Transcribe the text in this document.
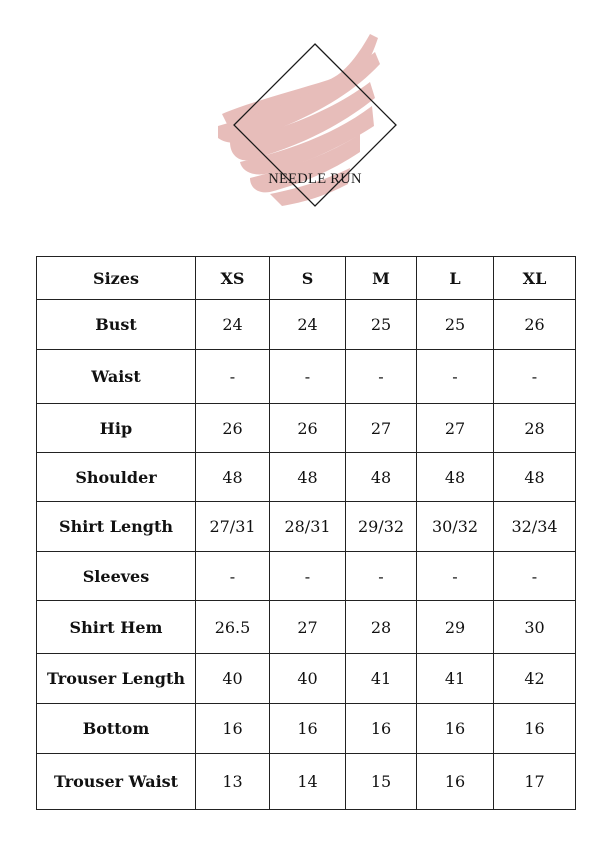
NEEDLE RUN
Sizes	XS	S	M	L	XL
Bust	24	24	25	25	26
Waist	-	-	-	-	-
Hip	26	26	27	27	28
Shoulder	48	48	48	48	48
Shirt Length	27/31	28/31	29/32	30/32	32/34
Sleeves	-	-	-	-	-
Shirt Hem	26.5	27	28	29	30
Trouser Length	40	40	41	41	42
Bottom	16	16	16	16	16
Trouser Waist	13	14	15	16	17
